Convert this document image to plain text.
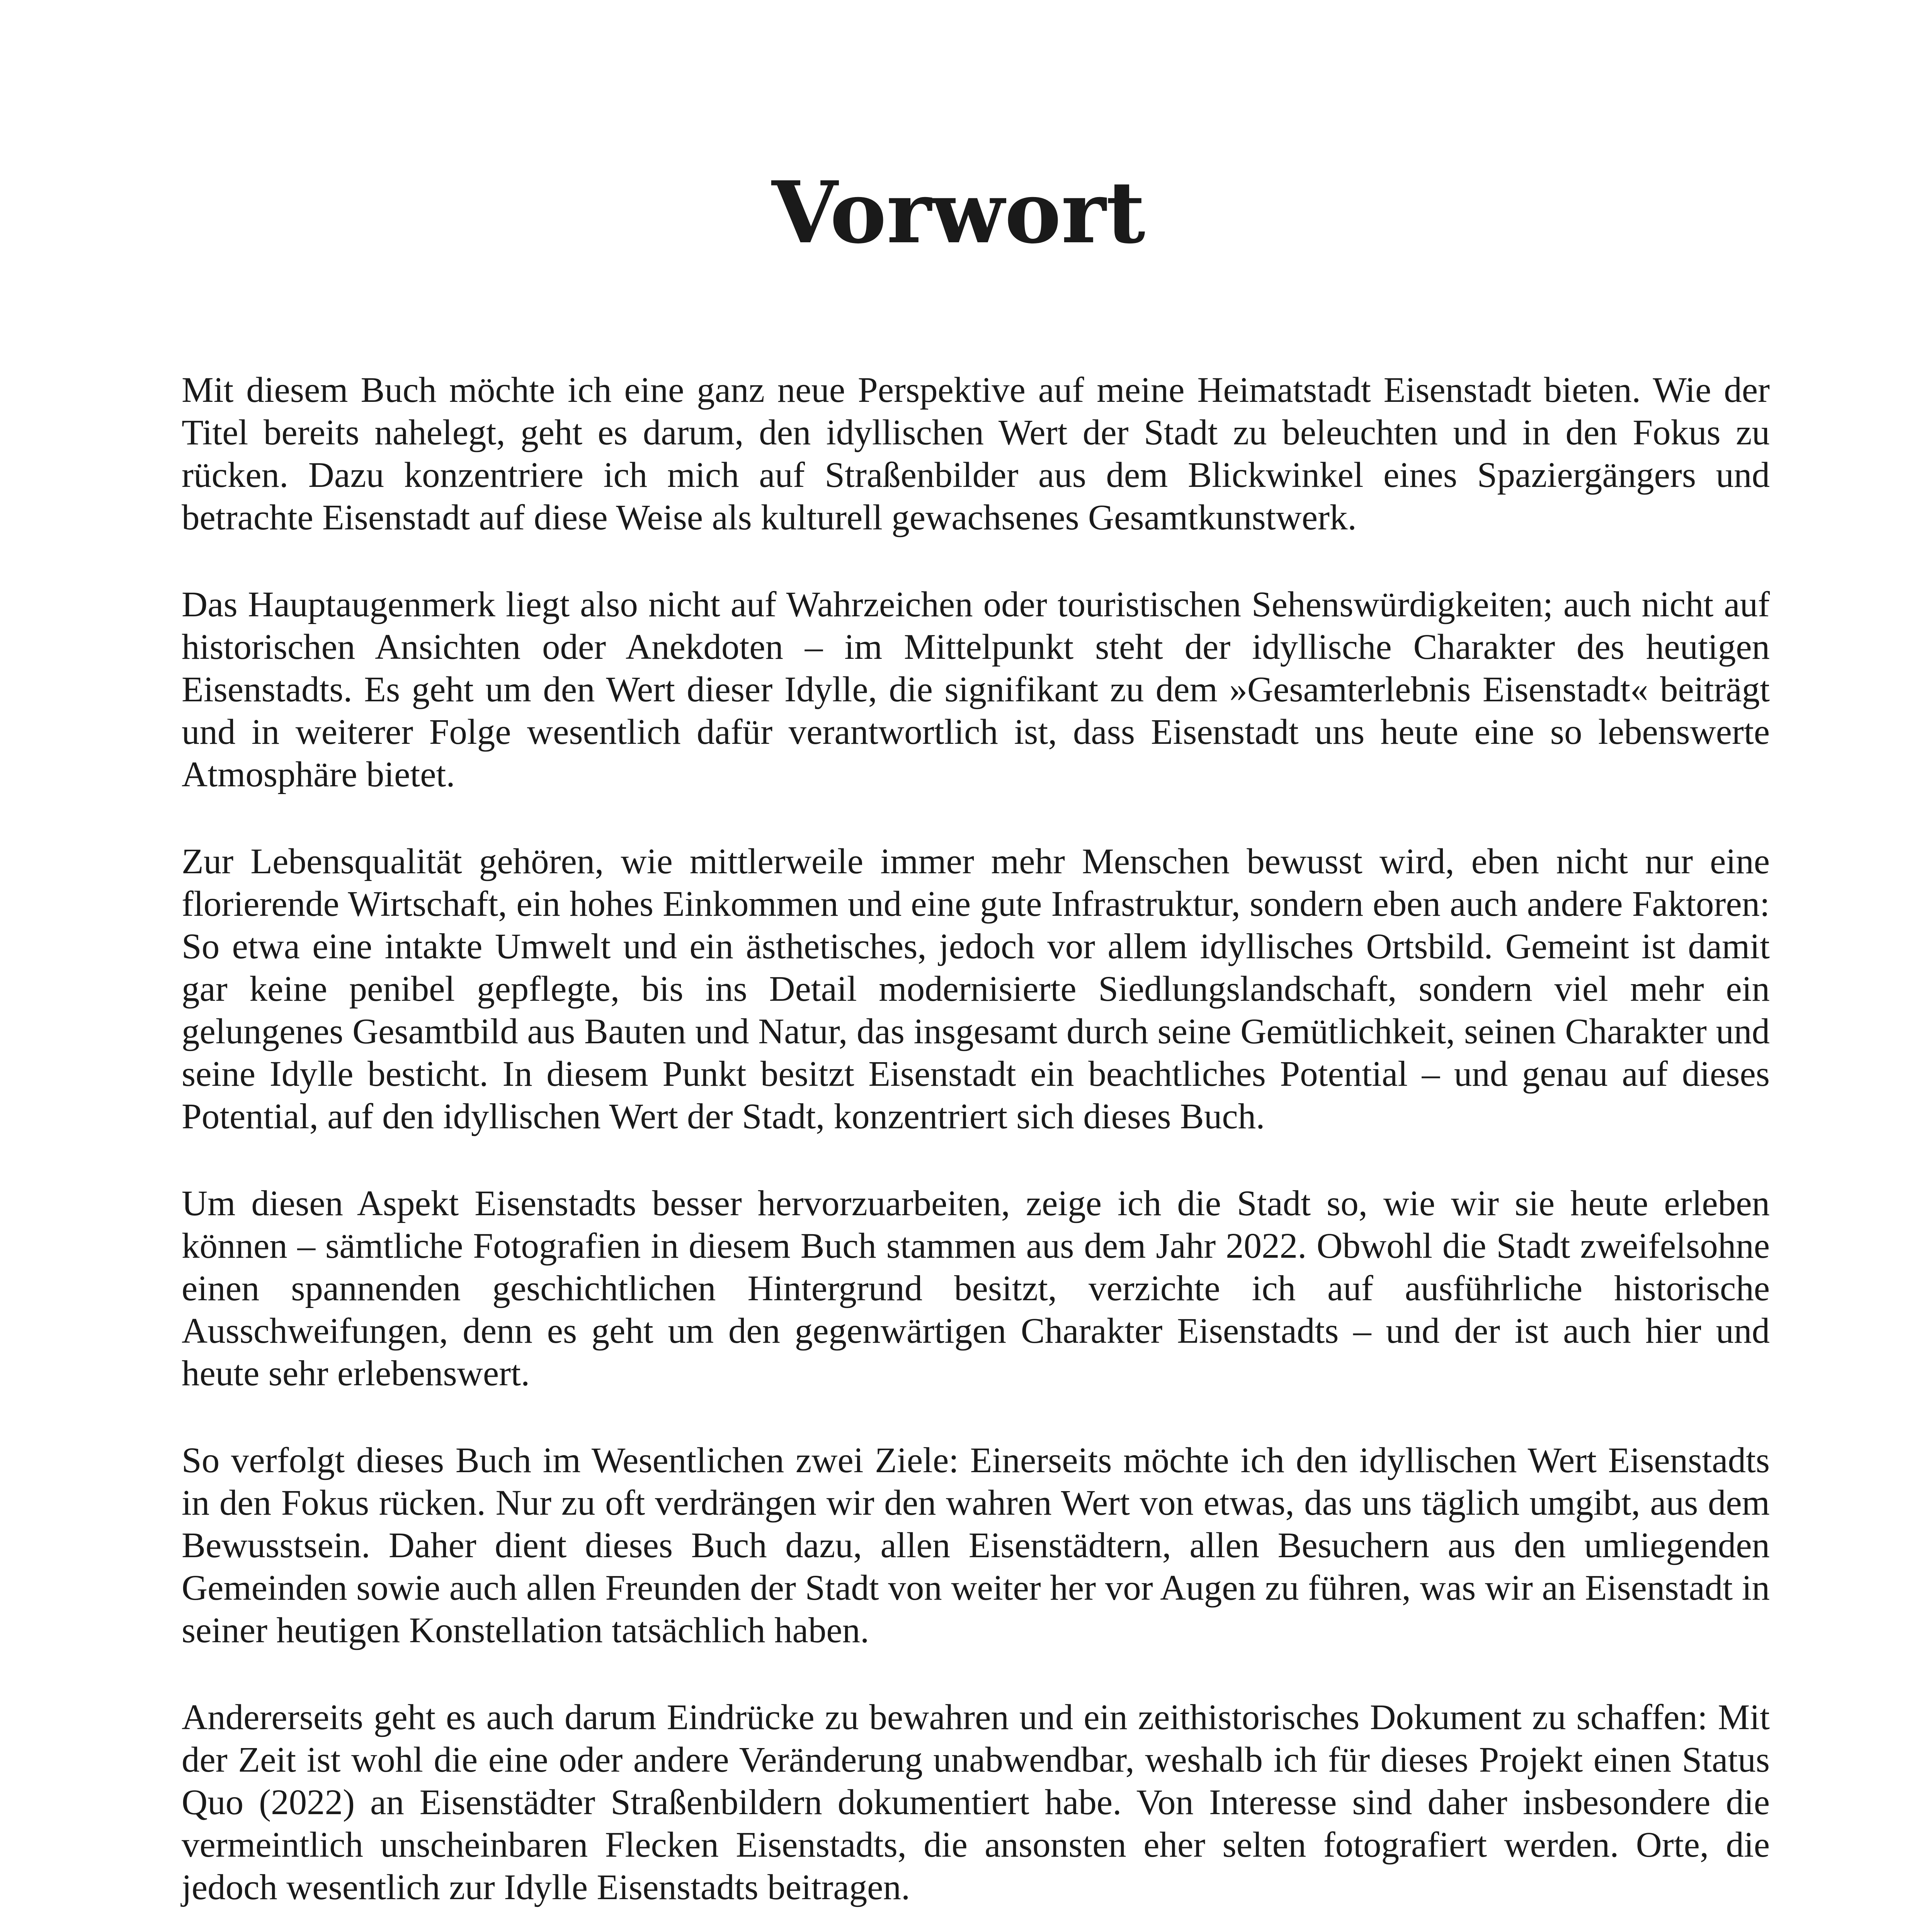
Vorwort

Mit diesem Buch möchte ich eine ganz neue Perspektive auf meine Heimatstadt Eisenstadt bieten. Wie der Titel bereits nahelegt, geht es darum, den idyllischen Wert der Stadt zu beleuchten und in den Fokus zu rücken. Dazu konzentriere ich mich auf Straßenbilder aus dem Blickwinkel eines Spaziergängers und betrachte Eisenstadt auf diese Weise als kulturell gewachsenes Gesamtkunstwerk.

Das Hauptaugenmerk liegt also nicht auf Wahrzeichen oder touristischen Sehenswürdigkeiten; auch nicht auf historischen Ansichten oder Anekdoten – im Mittelpunkt steht der idyllische Charakter des heutigen Eisenstadts. Es geht um den Wert dieser Idylle, die signifikant zu dem »Gesamterlebnis Eisenstadt« beiträgt und in weiterer Folge wesentlich dafür verantwortlich ist, dass Eisenstadt uns heute eine so lebenswerte Atmosphäre bietet.

Zur Lebensqualität gehören, wie mittlerweile immer mehr Menschen bewusst wird, eben nicht nur eine florierende Wirtschaft, ein hohes Einkommen und eine gute Infrastruktur, sondern eben auch andere Faktoren: So etwa eine intakte Umwelt und ein ästhetisches, jedoch vor allem idyllisches Ortsbild. Gemeint ist damit gar keine penibel gepflegte, bis ins Detail modernisierte Siedlungslandschaft, sondern viel mehr ein gelungenes Gesamtbild aus Bauten und Natur, das insgesamt durch seine Gemütlichkeit, seinen Charakter und seine Idylle besticht. In diesem Punkt besitzt Eisenstadt ein beachtliches Potential – und genau auf dieses Potential, auf den idyllischen Wert der Stadt, konzentriert sich dieses Buch.

Um diesen Aspekt Eisenstadts besser hervorzuarbeiten, zeige ich die Stadt so, wie wir sie heute erleben können – sämtliche Fotografien in diesem Buch stammen aus dem Jahr 2022. Obwohl die Stadt zweifelsohne einen spannenden geschichtlichen Hintergrund besitzt, verzichte ich auf ausführliche historische Ausschweifungen, denn es geht um den gegenwärtigen Charakter Eisenstadts – und der ist auch hier und heute sehr erlebenswert.

So verfolgt dieses Buch im Wesentlichen zwei Ziele: Einerseits möchte ich den idyllischen Wert Eisenstadts in den Fokus rücken. Nur zu oft verdrängen wir den wahren Wert von etwas, das uns täglich umgibt, aus dem Bewusstsein. Daher dient dieses Buch dazu, allen Eisenstädtern, allen Besuchern aus den umliegenden Gemeinden sowie auch allen Freunden der Stadt von weiter her vor Augen zu führen, was wir an Eisenstadt in seiner heutigen Konstellation tatsächlich haben.

Andererseits geht es auch darum Eindrücke zu bewahren und ein zeithistorisches Dokument zu schaffen: Mit der Zeit ist wohl die eine oder andere Veränderung unabwendbar, weshalb ich für dieses Projekt einen Status Quo (2022) an Eisenstädter Straßenbildern dokumentiert habe. Von Interesse sind daher insbesondere die vermeintlich unscheinbaren Flecken Eisenstadts, die ansonsten eher selten fotografiert werden. Orte, die jedoch wesentlich zur Idylle Eisenstadts beitragen.
